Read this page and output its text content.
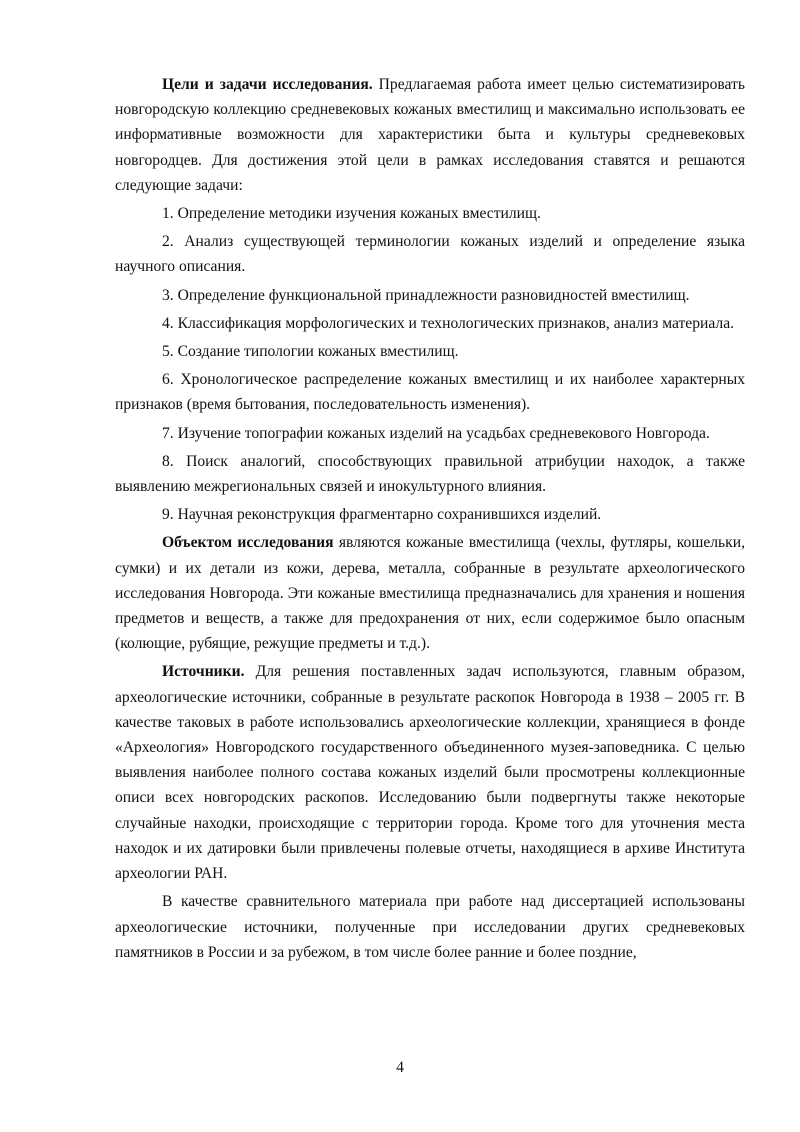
Цели и задачи исследования. Предлагаемая работа имеет целью систематизировать новгородскую коллекцию средневековых кожаных вместилищ и максимально использовать ее информативные возможности для характеристики быта и культуры средневековых новгородцев. Для достижения этой цели в рамках исследования ставятся и решаются следующие задачи:

1. Определение методики изучения кожаных вместилищ.

2. Анализ существующей терминологии кожаных изделий и определение языка научного описания.

3. Определение функциональной принадлежности разновидностей вместилищ.

4. Классификация морфологических и технологических признаков, анализ материала.

5. Создание типологии кожаных вместилищ.

6. Хронологическое распределение кожаных вместилищ и их наиболее характерных признаков (время бытования, последовательность изменения).

7. Изучение топографии кожаных изделий на усадьбах средневекового Новгорода.

8. Поиск аналогий, способствующих правильной атрибуции находок, а также выявлению межрегиональных связей и инокультурного влияния.

9. Научная реконструкция фрагментарно сохранившихся изделий.

Объектом исследования являются кожаные вместилища (чехлы, футляры, кошельки, сумки) и их детали из кожи, дерева, металла, собранные в результате археологического исследования Новгорода. Эти кожаные вместилища предназначались для хранения и ношения предметов и веществ, а также для предохранения от них, если содержимое было опасным (колющие, рубящие, режущие предметы и т.д.).

Источники. Для решения поставленных задач используются, главным образом, археологические источники, собранные в результате раскопок Новгорода в 1938 – 2005 гг. В качестве таковых в работе использовались археологические коллекции, хранящиеся в фонде «Археология» Новгородского государственного объединенного музея-заповедника. С целью выявления наиболее полного состава кожаных изделий были просмотрены коллекционные описи всех новгородских раскопов. Исследованию были подвергнуты также некоторые случайные находки, происходящие с территории города. Кроме того для уточнения места находок и их датировки были привлечены полевые отчеты, находящиеся в архиве Института археологии РАН.

В качестве сравнительного материала при работе над диссертацией использованы археологические источники, полученные при исследовании других средневековых памятников в России и за рубежом, в том числе более ранние и более поздние,

4
